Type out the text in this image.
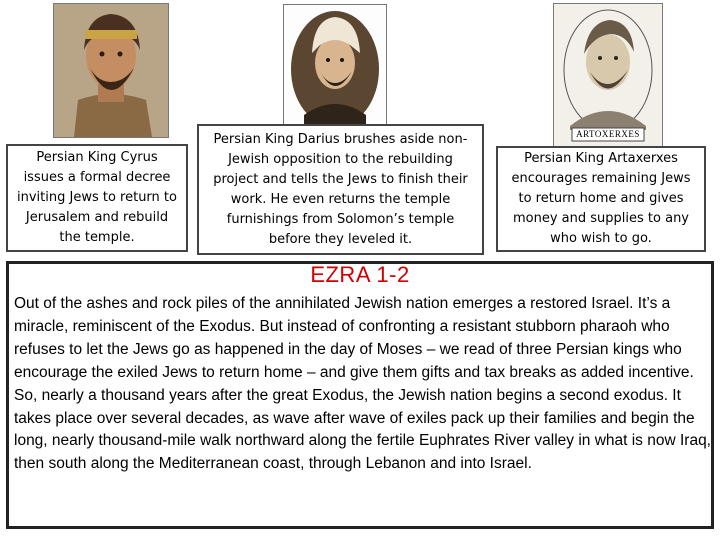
ARTOXERXES
Persian King Cyrus issues a formal decree inviting Jews to return to Jerusalem and rebuild the temple.
Persian King Darius brushes aside non-Jewish opposition to the rebuilding project and tells the Jews to finish their work. He even returns the temple furnishings from Solomon’s temple before they leveled it.
Persian King Artaxerxes encourages remaining Jews to return home and gives money and supplies to any who wish to go.
EZRA 1-2

Out of the ashes and rock piles of the annihilated Jewish nation emerges a restored Israel. It’s a miracle, reminiscent of the Exodus. But instead of confronting a resistant stubborn pharaoh who refuses to let the Jews go as happened in the day of Moses – we read of three Persian kings who encourage the exiled Jews to return home – and give them gifts and tax breaks as added incentive.

So, nearly a thousand years after the great Exodus, the Jewish nation begins a second exodus. It takes place over several decades, as wave after wave of exiles pack up their families and begin the long, nearly thousand-mile walk northward along the fertile Euphrates River valley in what is now Iraq, then south along the Mediterranean coast, through Lebanon and into Israel.
